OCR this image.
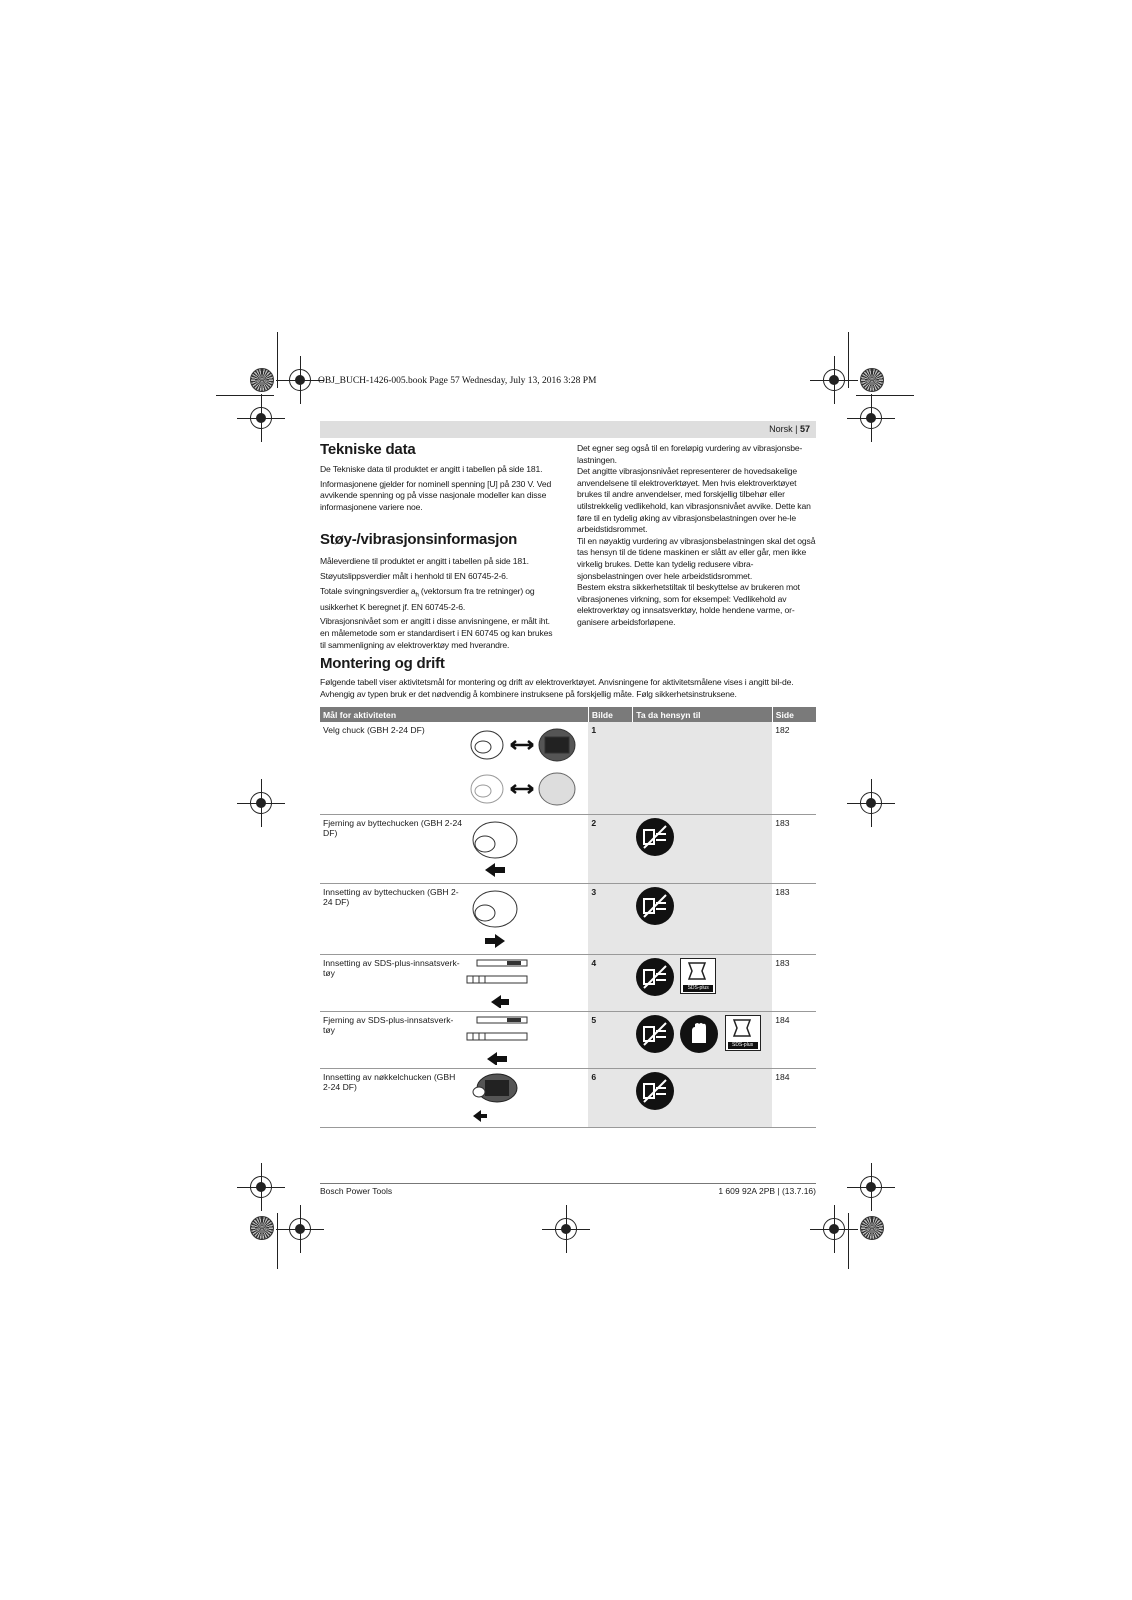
OBJ_BUCH-1426-005.book Page 57 Wednesday, July 13, 2016 3:28 PM
Norsk | 57
Tekniske data

De Tekniske data til produktet er angitt i tabellen på side 181.

Informasjonene gjelder for nominell spenning [U] på 230 V. Ved avvikende spenning og på visse nasjonale modeller kan disse informasjonene variere noe.

Støy-/vibrasjonsinformasjon

Måleverdiene til produktet er angitt i tabellen på side 181.

Støyutslippsverdier målt i henhold til EN 60745-2-6.

Totale svingningsverdier $a_h$ (vektorsum fra tre retninger) og usikkerhet K beregnet jf. EN 60745-2-6.

Vibrasjonsnivået som er angitt i disse anvisningene, er målt iht. en målemetode som er standardisert i EN 60745 og kan brukes til sammenligning av elektroverktøy med hverandre.

Det egner seg også til en foreløpig vurdering av vibrasjonsbe-lastningen.

Det angitte vibrasjonsnivået representerer de hovedsakelige anvendelsene til elektroverktøyet. Men hvis elektroverktøyet brukes til andre anvendelser, med forskjellig tilbehør eller utilstrekkelig vedlikehold, kan vibrasjonsnivået avvike. Dette kan føre til en tydelig øking av vibrasjonsbelastningen over he-le arbeidstidsrommet.

Til en nøyaktig vurdering av vibrasjonsbelastningen skal det også tas hensyn til de tidene maskinen er slått av eller går, men ikke virkelig brukes. Dette kan tydelig redusere vibra-sjonsbelastningen over hele arbeidstidsrommet.

Bestem ekstra sikkerhetstiltak til beskyttelse av brukeren mot vibrasjonenes virkning, som for eksempel: Vedlikehold av elektroverktøy og innsatsverktøy, holde hendene varme, or-ganisere arbeidsforløpene.

Montering og drift

Følgende tabell viser aktivitetsmål for montering og drift av elektroverktøyet. Anvisningene for aktivitetsmålene vises i angitt bil-de. Avhengig av typen bruk er det nødvendig å kombinere instruksene på forskjellig måte. Følg sikkerhetsinstruksene.

Mål for aktiviteten	Bilde	Ta da hensyn til	Side

Velg chuck (GBH 2-24 DF)	1		182

Fjerning av byttechucken (GBH 2-24 DF)	2		183

Innsetting av byttechucken (GBH 2-24 DF)	3		183

Innsetting av SDS-plus-innsatsverk-tøy	4	SDS-plus	183

Fjerning av SDS-plus-innsatsverk-tøy	5	SDS-plus	184

Innsetting av nøkkelchucken (GBH 2-24 DF)	6		184
Bosch Power Tools	1 609 92A 2PB | (13.7.16)
